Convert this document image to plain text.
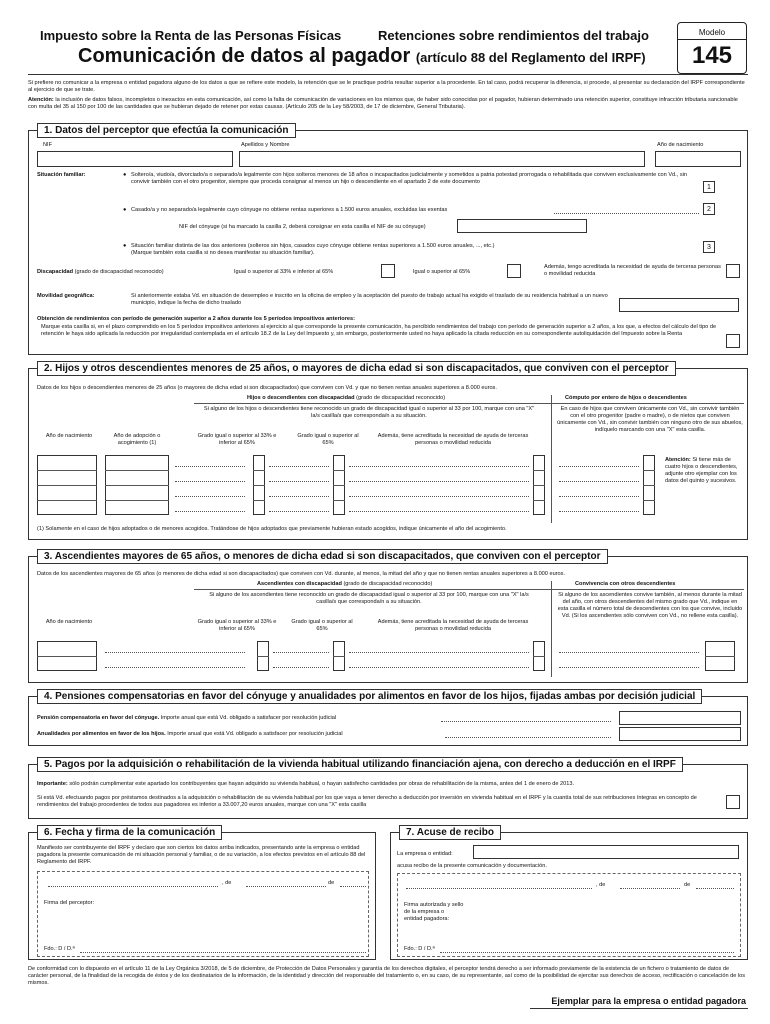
Impuesto sobre la Renta de las Personas Físicas	Retenciones sobre rendimientos del trabajo
Comunicación de datos al pagador (artículo 88 del Reglamento del IRPF)
Modelo
145
Si prefiere no comunicar a la empresa o entidad pagadora alguno de los datos a que se refiere este modelo, la retención que se le practique podría resultar superior a la procedente. En tal caso, podrá recuperar la diferencia, si procede, al presentar su declaración del IRPF correspondiente al ejercicio de que se trate.
Atención: la inclusión de datos falsos, incompletos o inexactos en esta comunicación, así como la falta de comunicación de variaciones en los mismos que, de haber sido conocidas por el pagador, hubieran determinado una retención superior, constituye infracción tributaria sancionable con multa del 35 al 150 por 100 de las cantidades que se hubieran dejado de retener por estas causas. (Artículo 205 de la Ley 58/2003, de 17 de diciembre, General Tributaria).
1. Datos del perceptor que efectúa la comunicación
NIF	Apellidos y Nombre	Año de nacimiento
Situación familiar:	● Soltero/a, viudo/a, divorciado/a o separado/a legalmente con hijos solteros menores de 18 años o incapacitados judicialmente y sometidos a patria potestad prorrogada o rehabilitada que conviven exclusivamente con Vd., sin convivir también con el otro progenitor, siempre que proceda consignar al menos un hijo o descendiente en el apartado 2 de este documento
1
● Casado/a y no separado/a legalmente cuyo cónyuge no obtiene rentas superiores a 1.500 euros anuales, excluidas las exentas	2
NIF del cónyuge (si ha marcado la casilla 2, deberá consignar en esta casilla el NIF de su cónyuge)
● Situación familiar distinta de las dos anteriores (solteros sin hijos, casados cuyo cónyuge obtiene rentas superiores a 1.500 euros anuales, ..., etc.)
(Marque también esta casilla si no desea manifestar su situación familiar).
3
Discapacidad (grado de discapacidad reconocido)	Igual o superior al 33% e inferior al 65%	Igual o superior al 65%
Además, tengo acreditada la necesidad de ayuda de terceras personas o movilidad reducida
Movilidad geográfica:	Si anteriormente estaba Vd. en situación de desempleo e inscrito en la oficina de empleo y la aceptación del puesto de trabajo actual ha exigido el traslado de su residencia habitual a un nuevo municipio, indique la fecha de dicho traslado
Obtención de rendimientos con período de generación superior a 2 años durante los 5 períodos impositivos anteriores:
Marque esta casilla si, en el plazo comprendido en los 5 períodos impositivos anteriores al ejercicio al que corresponde la presente comunicación, ha percibido rendimientos del trabajo con período de generación superior a 2 años, a los que, a efectos del cálculo del tipo de retención le haya sido aplicada la reducción por irregularidad contemplada en el artículo 18.2 de la Ley del Impuesto y, sin embargo, posteriormente usted no haya aplicado la citada reducción en su correspondiente autoliquidación del Impuesto sobre la Renta
2. Hijos y otros descendientes menores de 25 años, o mayores de dicha edad si son discapacitados, que conviven con el perceptor
Datos de los hijos o descendientes menores de 25 años (o mayores de dicha edad si son discapacitados) que conviven con Vd. y que no tienen rentas anuales superiores a 8.000 euros.
Hijos o descendientes con discapacidad (grado de discapacidad reconocido)	Cómputo por entero de hijos o descendientes
Si alguno de los hijos o descendientes tiene reconocido un grado de discapacidad igual o superior al 33 por 100, marque con una "X" la/s casilla/s que corresponda/n a su situación.
En caso de hijos que conviven únicamente con Vd., sin convivir también con el otro progenitor (padre o madre), o de nietos que conviven únicamente con Vd., sin convivir también con ninguno otro de sus abuelos, indíquelo marcando con una "X" esta casilla.
Año de nacimiento	Año de adopción o acogimiento (1)
Grado igual o superior al 33% e inferior al 65%
Grado igual o superior al 65%
Además, tiene acreditada la necesidad de ayuda de terceras personas o movilidad reducida
Atención: Si tiene más de cuatro hijos o descendientes, adjunte otro ejemplar con los datos del quinto y sucesivos.
(1) Solamente en el caso de hijos adoptados o de menores acogidos. Tratándose de hijos adoptados que previamente hubieran estado acogidos, indique únicamente el año del acogimiento.
3. Ascendientes mayores de 65 años, o menores de dicha edad si son discapacitados, que conviven con el perceptor
Datos de los ascendientes mayores de 65 años (o menores de dicha edad si son discapacitados) que conviven con Vd. durante, al menos, la mitad del año y que no tienen rentas anuales superiores a 8.000 euros.
Ascendientes con discapacidad (grado de discapacidad reconocido)	Convivencia con otros descendientes
Si alguno de los ascendientes tiene reconocido un grado de discapacidad igual o superior al 33 por 100, marque con una "X" la/s casilla/s que corresponda/n a su situación.
Si alguno de los ascendientes convive también, al menos durante la mitad del año, con otros descendientes del mismo grado que Vd., indique en esta casilla el número total de descendientes con los que convive, incluido Vd. (Si los ascendientes sólo conviven con Vd., no rellene esta casilla).
Año de nacimiento	Grado igual o superior al 33% e inferior al 65%
Grado igual o superior al 65%
Además, tiene acreditada la necesidad de ayuda de terceras personas o movilidad reducida
4. Pensiones compensatorias en favor del cónyuge y anualidades por alimentos en favor de los hijos, fijadas ambas por decisión judicial
Pensión compensatoria en favor del cónyuge. Importe anual que está Vd. obligado a satisfacer por resolución judicial
Anualidades por alimentos en favor de los hijos. Importe anual que está Vd. obligado a satisfacer por resolución judicial
5. Pagos por la adquisición o rehabilitación de la vivienda habitual utilizando financiación ajena, con derecho a deducción en el IRPF
Importante: sólo podrán cumplimentar este apartado los contribuyentes que hayan adquirido su vivienda habitual, o hayan satisfecho cantidades por obras de rehabilitación de la misma, antes del 1 de enero de 2013.
Si está Vd. efectuando pagos por préstamos destinados a la adquisición o rehabilitación de su vivienda habitual por los que vaya a tener derecho a deducción por inversión en vivienda habitual en el IRPF y la cuantía total de sus retribuciones íntegras en concepto de rendimientos del trabajo procedentes de todos sus pagadores es inferior a 33.007,20 euros anuales, marque con una "X" esta casilla
6. Fecha y firma de la comunicación
Manifiesto ser contribuyente del IRPF y declaro que son ciertos los datos arriba indicados, presentando ante la empresa o entidad pagadora la presente comunicación de mi situación personal y familiar, o de su variación, a los efectos previstos en el artículo 88 del Reglamento del IRPF.
, de	de
Firma del perceptor:
Fdo.: D / D.ª
7. Acuse de recibo
La empresa o entidad:
acusa recibo de la presente comunicación y documentación.
, de	de
Firma autorizada y sello de la empresa o entidad pagadora:
Fdo.: D / D.ª
De conformidad con lo dispuesto en el artículo 11 de la Ley Orgánica 3/2018, de 5 de diciembre, de Protección de Datos Personales y garantía de los derechos digitales, el perceptor tendrá derecho a ser informado previamente de la existencia de un fichero o tratamiento de datos de carácter personal, de la finalidad de la recogida de éstos y de los destinatarios de la información, de la identidad y dirección del responsable del tratamiento o, en su caso, de su representante, así como de la posibilidad de ejercitar sus derechos de acceso, rectificación o cancelación de los mismos.
Ejemplar para la empresa o entidad pagadora
